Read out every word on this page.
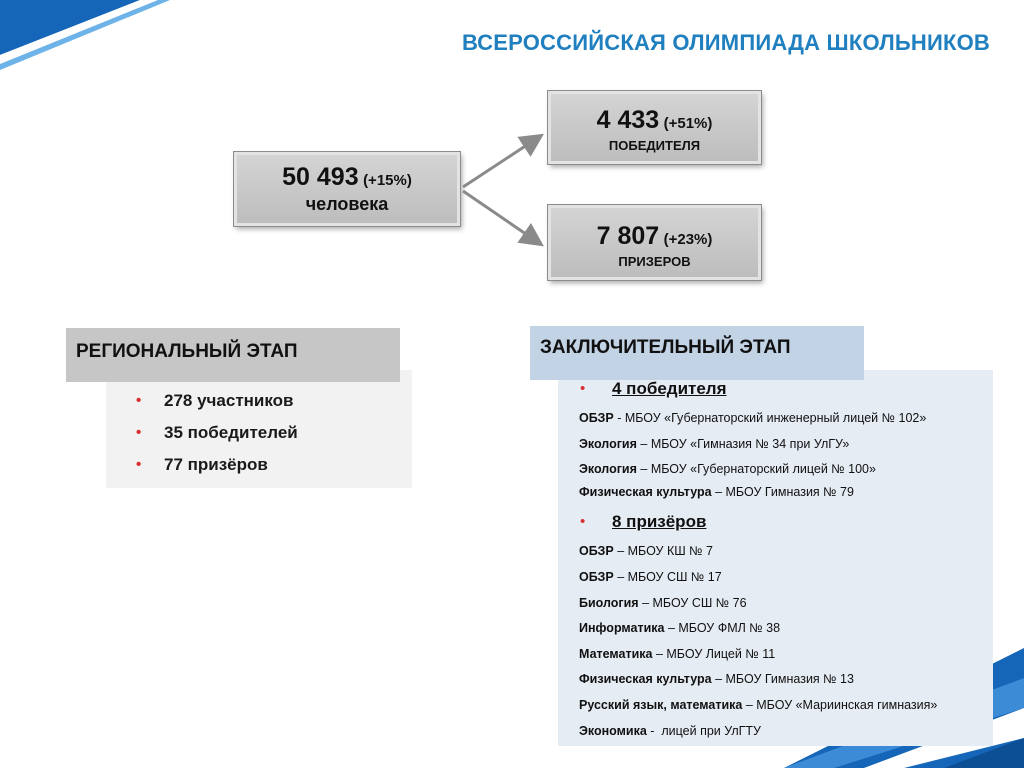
ВСЕРОССИЙСКАЯ ОЛИМПИАДА ШКОЛЬНИКОВ
50 493 (+15%)
человека
4 433 (+51%)
ПОБЕДИТЕЛЯ
7 807 (+23%)
ПРИЗЕРОВ
• 278 участников
• 35 победителей
• 77 призёров
РЕГИОНАЛЬНЫЙ ЭТАП	ЗАКЛЮЧИТЕЛЬНЫЙ ЭТАП
• 4 победителя
ОБЗР - МБОУ «Губернаторский инженерный лицей № 102»
Экология – МБОУ «Гимназия № 34 при УлГУ»
Экология – МБОУ «Губернаторский лицей № 100»
Физическая культура – МБОУ Гимназия № 79
• 8 призёров
ОБЗР – МБОУ КШ № 7
ОБЗР – МБОУ СШ № 17
Биология – МБОУ СШ № 76
Информатика – МБОУ ФМЛ № 38
Математика – МБОУ Лицей № 11
Физическая культура – МБОУ Гимназия № 13
Русский язык, математика – МБОУ «Мариинская гимназия»
Экономика -  лицей при УлГТУ
